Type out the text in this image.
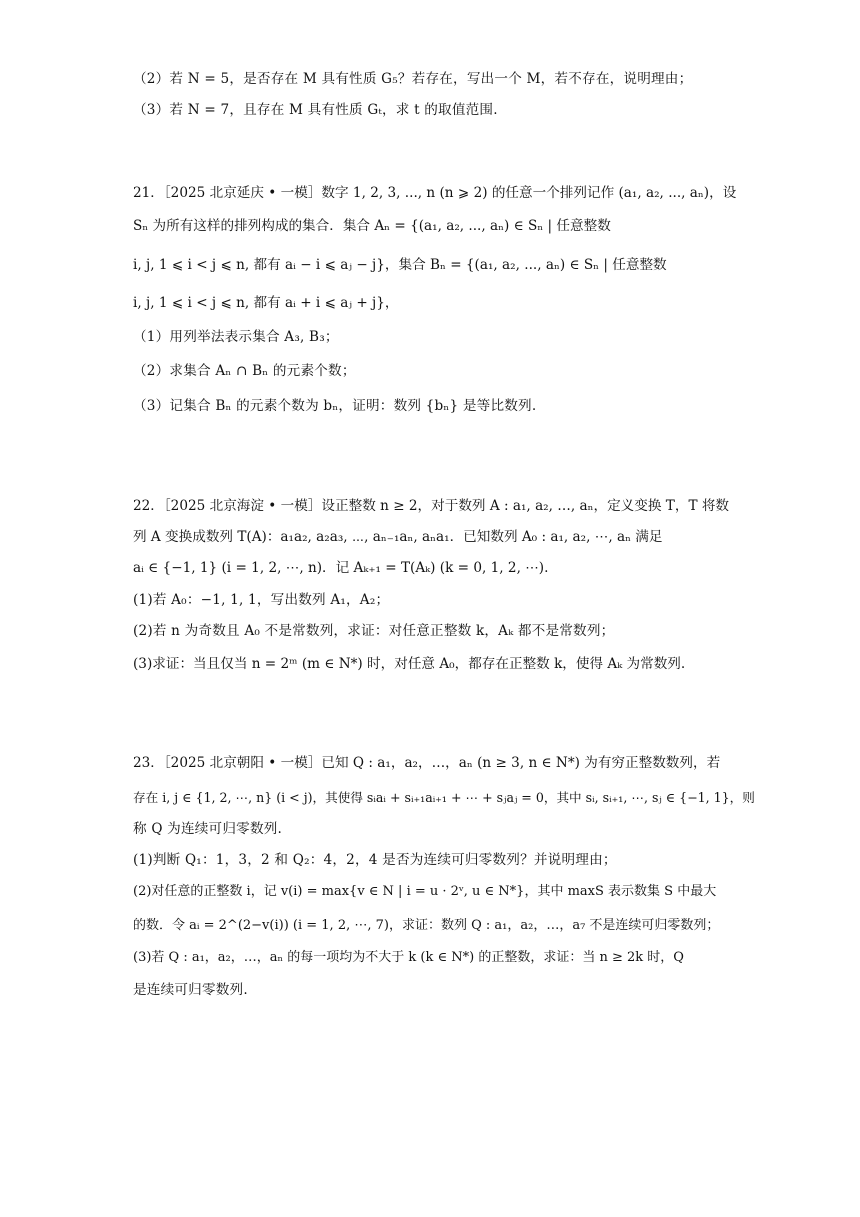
（2）若 N = 5，是否存在 M 具有性质 G₅？若存在，写出一个 M，若不存在，说明理由；
（3）若 N = 7，且存在 M 具有性质 Gₜ，求 t 的取值范围.
21．［2025 北京延庆 • 一模］数字 1, 2, 3, ..., n (n ⩾ 2) 的任意一个排列记作 (a₁, a₂, ..., aₙ)，设
Sₙ 为所有这样的排列构成的集合．集合 Aₙ = {(a₁, a₂, ..., aₙ) ∈ Sₙ | 任意整数
i, j, 1 ⩽ i < j ⩽ n, 都有 aᵢ − i ⩽ aⱼ − j}，集合 Bₙ = {(a₁, a₂, ..., aₙ) ∈ Sₙ | 任意整数
i, j, 1 ⩽ i < j ⩽ n, 都有 aᵢ + i ⩽ aⱼ + j}，
（1）用列举法表示集合 A₃, B₃；
（2）求集合 Aₙ ∩ Bₙ 的元素个数；
（3）记集合 Bₙ 的元素个数为 bₙ，证明：数列 {bₙ} 是等比数列.
22．［2025 北京海淀 • 一模］设正整数 n ≥ 2，对于数列 A : a₁, a₂, …, aₙ，定义变换 T，T 将数
列 A 变换成数列 T(A)：a₁a₂, a₂a₃, ⋯, aₙ₋₁aₙ, aₙa₁．已知数列 A₀ : a₁, a₂, ⋯, aₙ 满足
aᵢ ∈ {−1, 1} (i = 1, 2, ⋯, n)．记 Aₖ₊₁ = T(Aₖ) (k = 0, 1, 2, ⋯).
(1)若 A₀：−1, 1, 1，写出数列 A₁，A₂；
(2)若 n 为奇数且 A₀ 不是常数列，求证：对任意正整数 k，Aₖ 都不是常数列；
(3)求证：当且仅当 n = 2ᵐ (m ∈ N*) 时，对任意 A₀，都存在正整数 k，使得 Aₖ 为常数列.
23．［2025 北京朝阳 • 一模］已知 Q : a₁，a₂，…，aₙ (n ≥ 3, n ∈ N*) 为有穷正整数数列，若
存在 i, j ∈ {1, 2, ⋯, n} (i < j)，其使得 sᵢaᵢ + sᵢ₊₁aᵢ₊₁ + ⋯ + sⱼaⱼ = 0，其中 sᵢ, sᵢ₊₁, ⋯, sⱼ ∈ {−1, 1}，则
称 Q 为连续可归零数列.
(1)判断 Q₁：1，3，2 和 Q₂：4，2，4 是否为连续可归零数列？并说明理由；
(2)对任意的正整数 i，记 v(i) = max{v ∈ N | i = u · 2ᵛ, u ∈ N*}，其中 maxS 表示数集 S 中最大
的数．令 aᵢ = 2^(2−v(i)) (i = 1, 2, ⋯, 7)，求证：数列 Q : a₁，a₂，…，a₇ 不是连续可归零数列；
(3)若 Q : a₁，a₂，…，aₙ 的每一项均为不大于 k (k ∈ N*) 的正整数，求证：当 n ≥ 2k 时，Q
是连续可归零数列.
